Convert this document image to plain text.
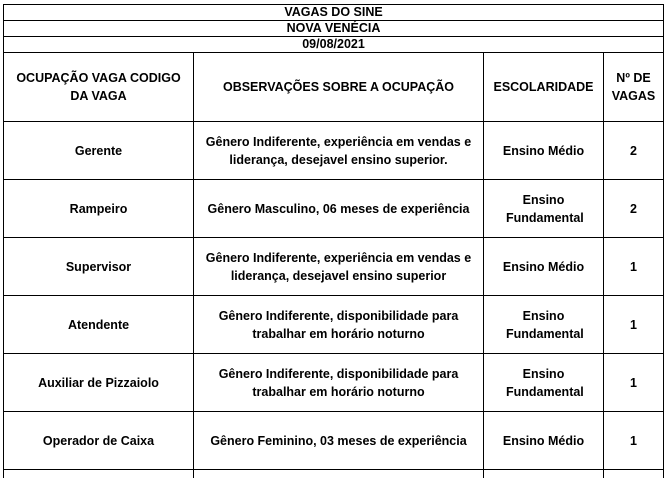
VAGAS DO SINE			
NOVA VENÉCIA			
09/08/2021			
OCUPAÇÃO VAGA CODIGO DA VAGA	OBSERVAÇÕES SOBRE A OCUPAÇÃO	ESCOLARIDADE	Nº DE VAGAS
Gerente	Gênero Indiferente, experiência em vendas e liderança, desejavel ensino superior.	Ensino Médio	2
Rampeiro	Gênero Masculino, 06 meses de experiência	Ensino Fundamental	2
Supervisor	Gênero Indiferente, experiência em vendas e liderança, desejavel ensino superior	Ensino Médio	1
Atendente	Gênero Indiferente, disponibilidade para trabalhar em horário noturno	Ensino Fundamental	1
Auxiliar de Pizzaiolo	Gênero Indiferente, disponibilidade para trabalhar em horário noturno	Ensino Fundamental	1
Operador de Caixa	Gênero Feminino, 03 meses de experiência	Ensino Médio	1
